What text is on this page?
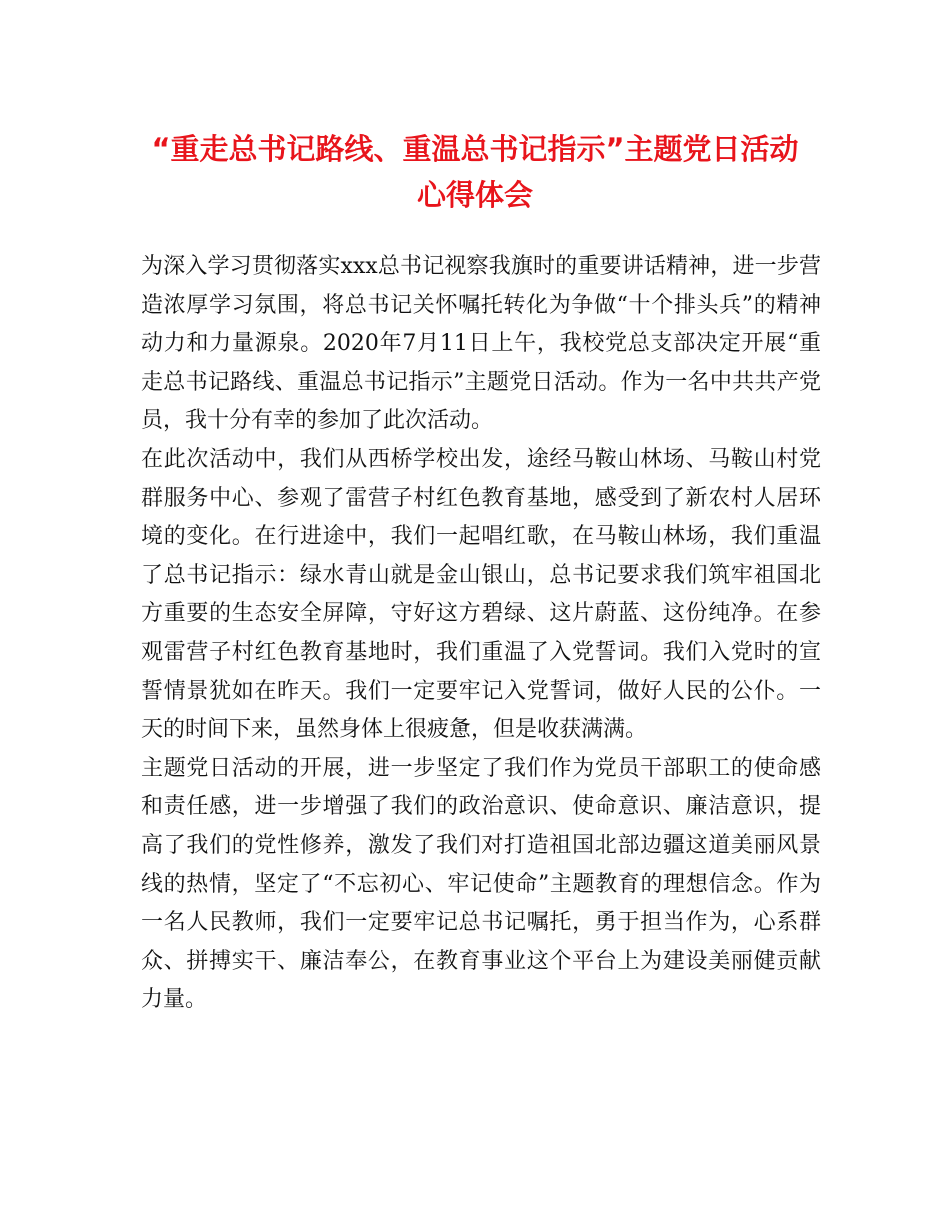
“重走总书记路线、重温总书记指示”主题党日活动
心得体会

为深入学习贯彻落实xxx总书记视察我旗时的重要讲话精神，进一步营造浓厚学习氛围，将总书记关怀嘱托转化为争做“十个排头兵”的精神动力和力量源泉。2020年7月11日上午，我校党总支部决定开展“重走总书记路线、重温总书记指示”主题党日活动。作为一名中共共产党员，我十分有幸的参加了此次活动。

在此次活动中，我们从西桥学校出发，途经马鞍山林场、马鞍山村党群服务中心、参观了雷营子村红色教育基地，感受到了新农村人居环境的变化。在行进途中，我们一起唱红歌，在马鞍山林场，我们重温了总书记指示：绿水青山就是金山银山，总书记要求我们筑牢祖国北方重要的生态安全屏障，守好这方碧绿、这片蔚蓝、这份纯净。在参观雷营子村红色教育基地时，我们重温了入党誓词。我们入党时的宣誓情景犹如在昨天。我们一定要牢记入党誓词，做好人民的公仆。一天的时间下来，虽然身体上很疲惫，但是收获满满。

主题党日活动的开展，进一步坚定了我们作为党员干部职工的使命感和责任感，进一步增强了我们的政治意识、使命意识、廉洁意识，提高了我们的党性修养，激发了我们对打造祖国北部边疆这道美丽风景线的热情，坚定了“不忘初心、牢记使命”主题教育的理想信念。作为一名人民教师，我们一定要牢记总书记嘱托，勇于担当作为，心系群众、拼搏实干、廉洁奉公，在教育事业这个平台上为建设美丽健贡献力量。
